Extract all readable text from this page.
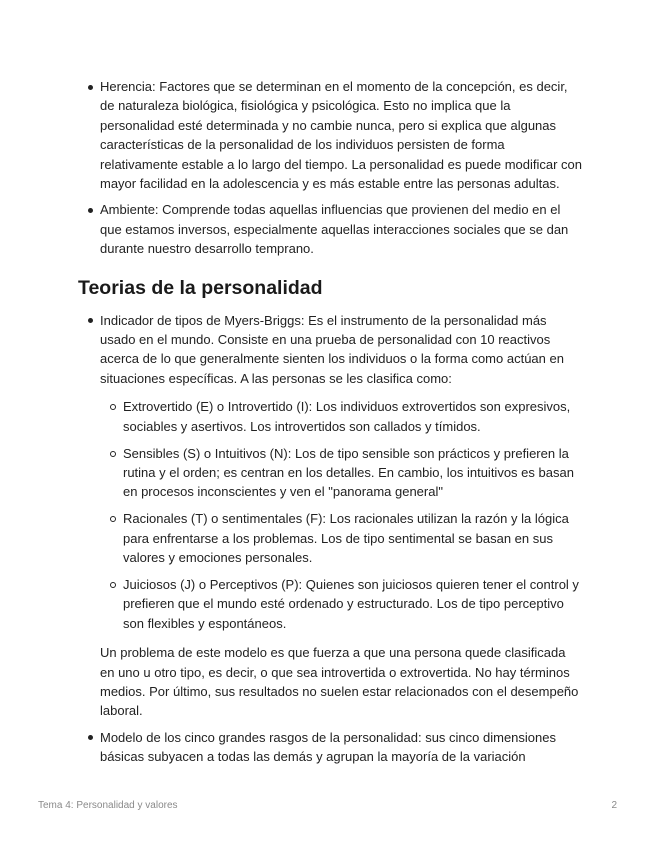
Herencia: Factores que se determinan en el momento de la concepción, es decir, de naturaleza biológica, fisiológica y psicológica. Esto no implica que la personalidad esté determinada y no cambie nunca, pero si explica que algunas características de la personalidad de los individuos persisten de forma relativamente estable a lo largo del tiempo. La personalidad es puede modificar con mayor facilidad en la adolescencia y es más estable entre las personas adultas.
Ambiente: Comprende todas aquellas influencias que provienen del medio en el que estamos inversos, especialmente aquellas interacciones sociales que se dan durante nuestro desarrollo temprano.
Teorias de la personalidad
Indicador de tipos de Myers-Briggs: Es el instrumento de la personalidad más usado en el mundo. Consiste en una prueba de personalidad con 10 reactivos acerca de lo que generalmente sienten los individuos o la forma como actúan en situaciones específicas. A las personas se les clasifica como:
Extrovertido (E) o Introvertido (I): Los individuos extrovertidos son expresivos, sociables y asertivos. Los introvertidos son callados y tímidos.
Sensibles (S) o Intuitivos (N): Los de tipo sensible son prácticos y prefieren la rutina y el orden; es centran en los detalles. En cambio, los intuitivos es basan en procesos inconscientes y ven el "panorama general"
Racionales (T) o sentimentales (F): Los racionales utilizan la razón y la lógica para enfrentarse a los problemas. Los de tipo sentimental se basan en sus valores y emociones personales.
Juiciosos (J) o Perceptivos (P): Quienes son juiciosos quieren tener el control y prefieren que el mundo esté ordenado y estructurado. Los de tipo perceptivo son flexibles y espontáneos.

Un problema de este modelo es que fuerza a que una persona quede clasificada en uno u otro tipo, es decir, o que sea introvertida o extrovertida. No hay términos medios. Por último, sus resultados no suelen estar relacionados con el desempeño laboral.

Modelo de los cinco grandes rasgos de la personalidad: sus cinco dimensiones básicas subyacen a todas las demás y agrupan la mayoría de la variación
Tema 4: Personalidad y valores	2
